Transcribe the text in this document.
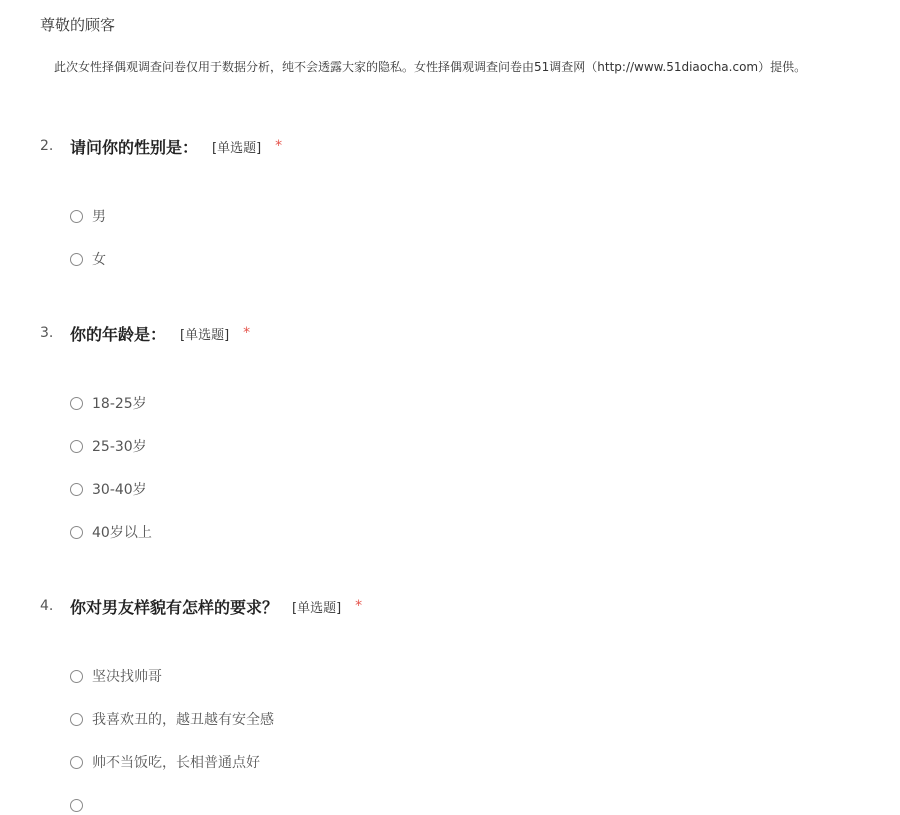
尊敬的顾客
此次女性择偶观调查问卷仅用于数据分析，纯不会透露大家的隐私。女性择偶观调查问卷由51调查网（http://www.51diaocha.com）提供。
2.	请问你的性别是： [单选题] *
男
女
3.	你的年龄是： [单选题] *
18-25岁
25-30岁
30-40岁
40岁以上
4.	你对男友样貌有怎样的要求？ [单选题] *
坚决找帅哥
我喜欢丑的，越丑越有安全感
帅不当饭吃，长相普通点好
